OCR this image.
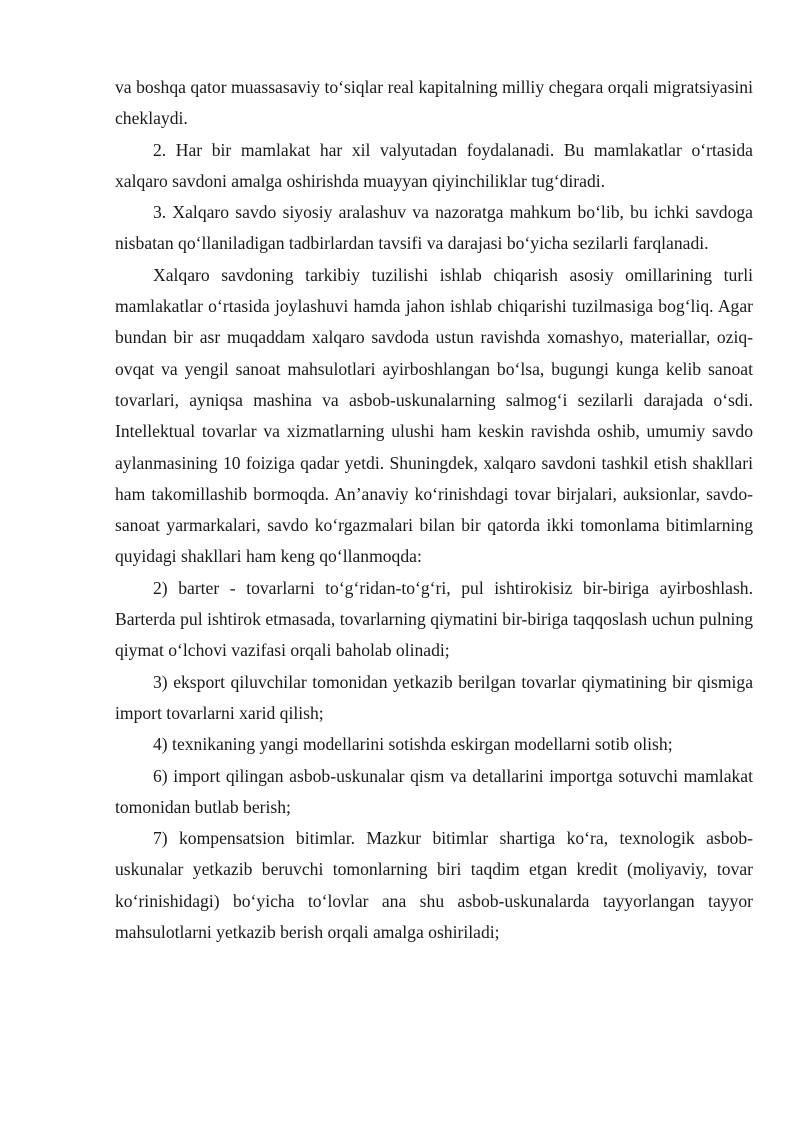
va boshqa qator muassasaviy to‘siqlar real kapitalning milliy chegara orqali migratsiyasini cheklaydi.

2. Har bir mamlakat har xil valyutadan foydalanadi. Bu mamlakatlar o‘rtasida xalqaro savdoni amalga oshirishda muayyan qiyinchiliklar tug‘diradi.

3. Xalqaro savdo siyosiy aralashuv va nazoratga mahkum bo‘lib, bu ichki savdoga nisbatan qo‘llaniladigan tadbirlardan tavsifi va darajasi bo‘yicha sezilarli farqlanadi.

Xalqaro savdoning tarkibiy tuzilishi ishlab chiqarish asosiy omillarining turli mamlakatlar o‘rtasida joylashuvi hamda jahon ishlab chiqarishi tuzilmasiga bog‘liq. Agar bundan bir asr muqaddam xalqaro savdoda ustun ravishda xomashyo, materiallar, oziq-ovqat va yengil sanoat mahsulotlari ayirboshlangan bo‘lsa, bugungi kunga kelib sanoat tovarlari, ayniqsa mashina va asbob-uskunalarning salmog‘i sezilarli darajada o‘sdi. Intellektual tovarlar va xizmatlarning ulushi ham keskin ravishda oshib, umumiy savdo aylanmasining 10 foiziga qadar yetdi. Shuningdek, xalqaro savdoni tashkil etish shakllari ham takomillashib bormoqda. An’anaviy ko‘rinishdagi tovar birjalari, auksionlar, savdo-sanoat yarmarkalari, savdo ko‘rgazmalari bilan bir qatorda ikki tomonlama bitimlarning quyidagi shakllari ham keng qo‘llanmoqda:

2) barter - tovarlarni to‘g‘ridan-to‘g‘ri, pul ishtirokisiz bir-biriga ayirboshlash. Barterda pul ishtirok etmasada, tovarlarning qiymatini bir-biriga taqqoslash uchun pulning qiymat o‘lchovi vazifasi orqali baholab olinadi;

3) eksport qiluvchilar tomonidan yetkazib berilgan tovarlar qiymatining bir qismiga import tovarlarni xarid qilish;

4) texnikaning yangi modellarini sotishda eskirgan modellarni sotib olish;

6) import qilingan asbob-uskunalar qism va detallarini importga sotuvchi mamlakat tomonidan butlab berish;

7) kompensatsion bitimlar. Mazkur bitimlar shartiga ko‘ra, texnologik asbob-uskunalar yetkazib beruvchi tomonlarning biri taqdim etgan kredit (moliyaviy, tovar ko‘rinishidagi) bo‘yicha to‘lovlar ana shu asbob-uskunalarda tayyorlangan tayyor mahsulotlarni yetkazib berish orqali amalga oshiriladi;
